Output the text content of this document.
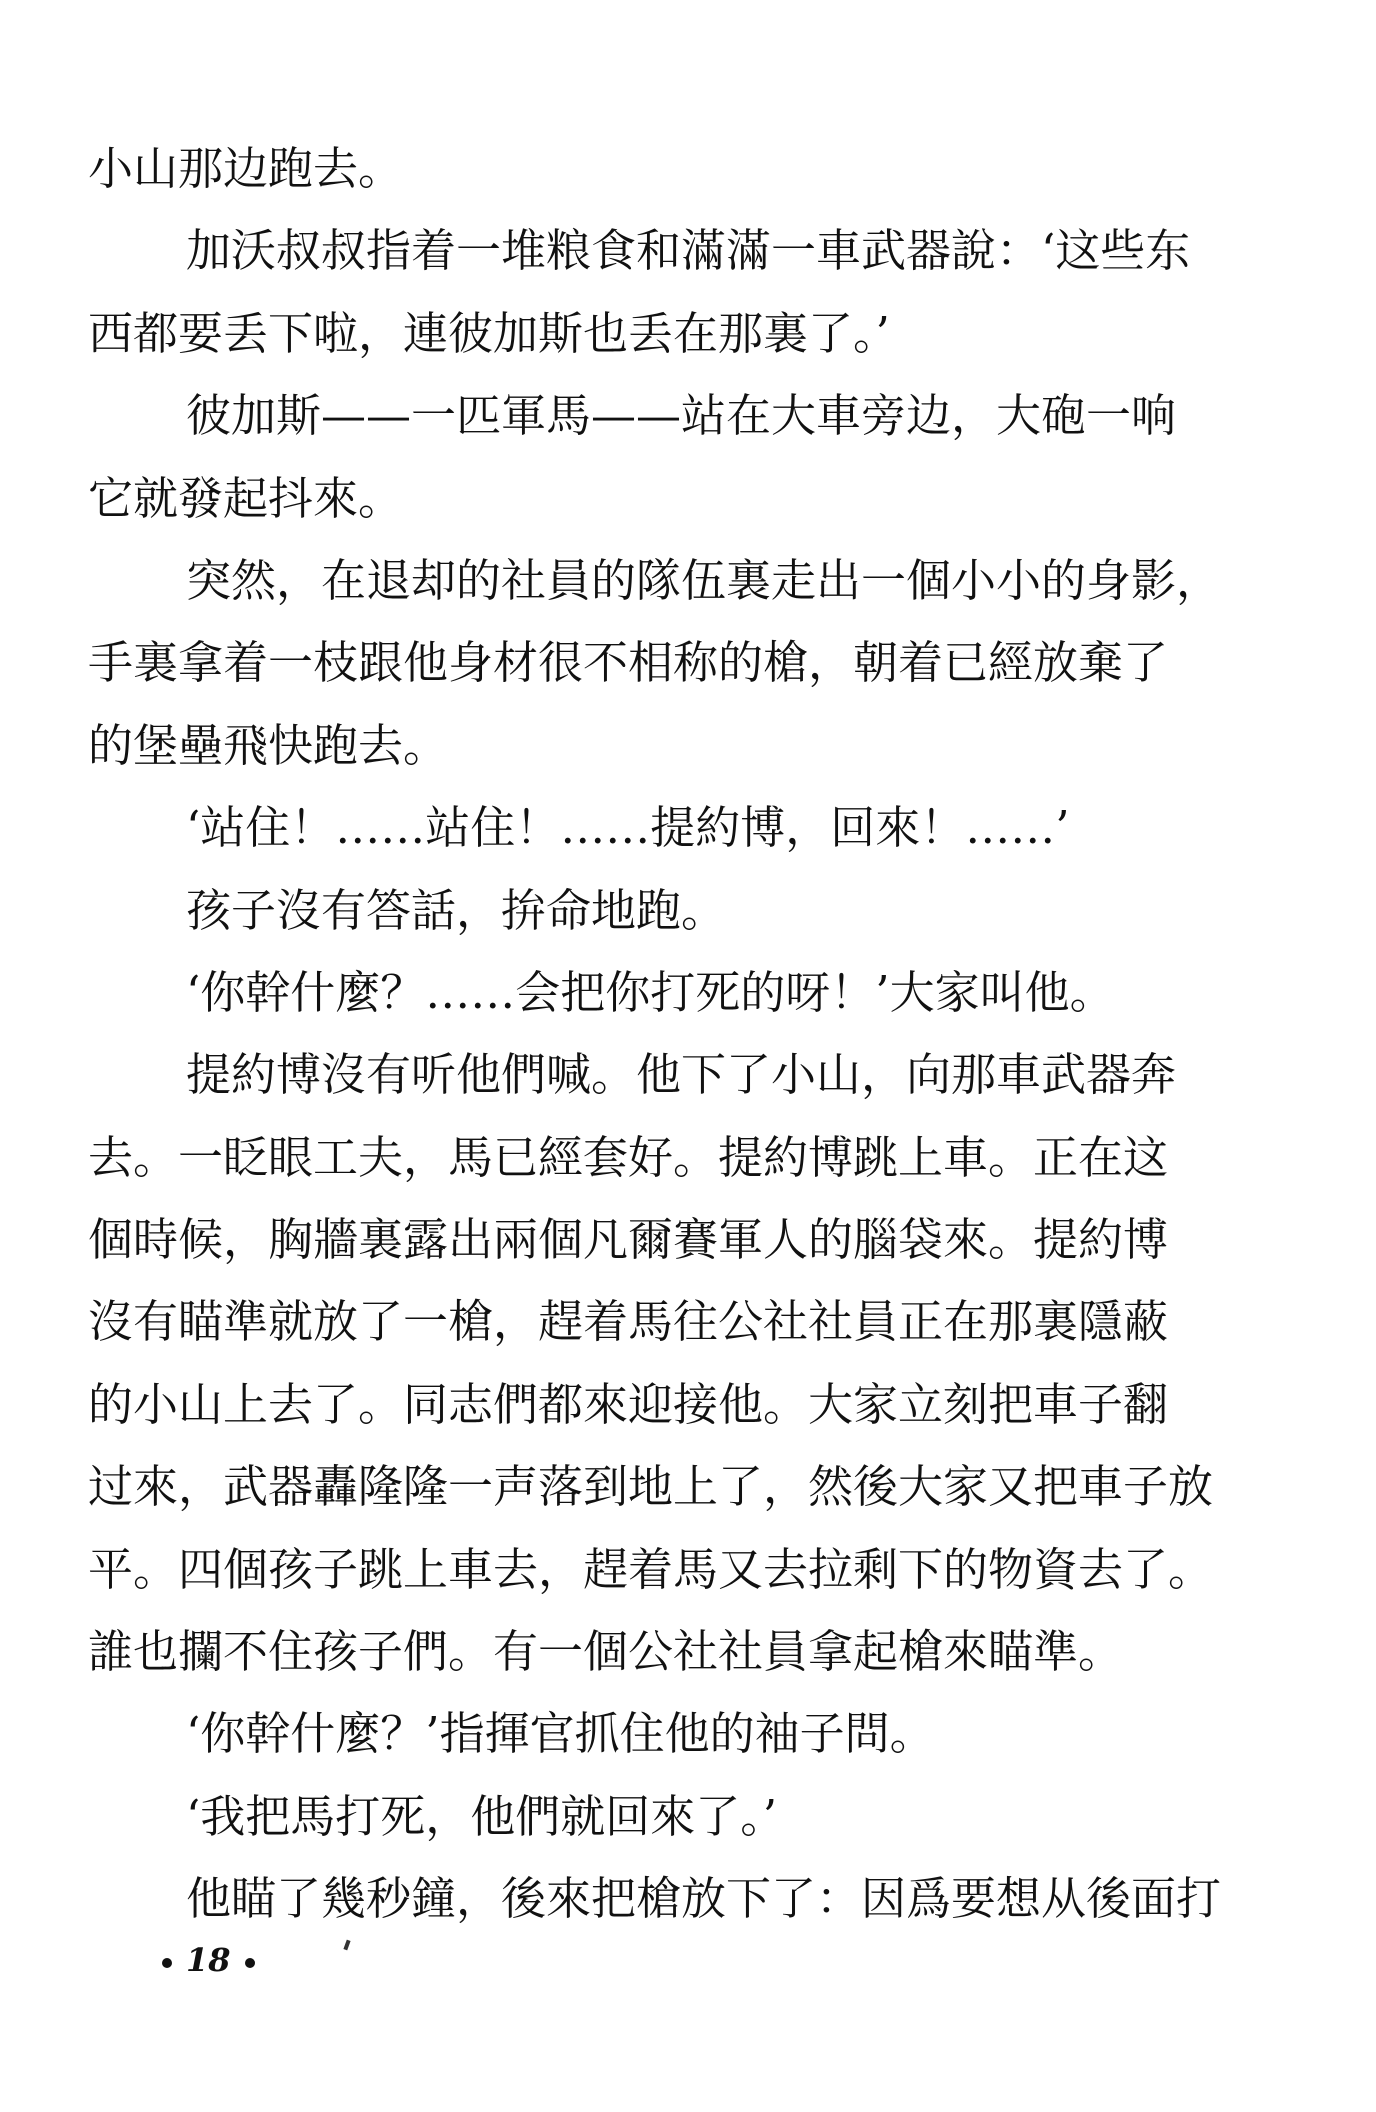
小山那边跑去。
加沃叔叔指着一堆粮食和滿滿一車武器說：‘这些东
西都要丢下啦，連彼加斯也丢在那裏了。’
彼加斯——一匹軍馬——站在大車旁边，大砲一响
它就發起抖來。
突然，在退却的社員的隊伍裏走出一個小小的身影，
手裏拿着一枝跟他身材很不相称的槍，朝着已經放棄了
的堡壘飛快跑去。
‘站住！……站住！……提約博，回來！……’
孩子沒有答話，拚命地跑。
‘你幹什麼？……会把你打死的呀！’大家叫他。
提約博沒有听他們喊。他下了小山，向那車武器奔
去。一眨眼工夫，馬已經套好。提約博跳上車。正在这
個時候，胸牆裏露出兩個凡爾賽軍人的腦袋來。提約博
沒有瞄準就放了一槍，趕着馬往公社社員正在那裏隱蔽
的小山上去了。同志們都來迎接他。大家立刻把車子翻
过來，武器轟隆隆一声落到地上了，然後大家又把車子放
平。四個孩子跳上車去，趕着馬又去拉剩下的物資去了。
誰也攔不住孩子們。有一個公社社員拿起槍來瞄準。
‘你幹什麼？’指揮官抓住他的袖子問。
‘我把馬打死，他們就回來了。’
他瞄了幾秒鐘，後來把槍放下了：因爲要想从後面打
18
